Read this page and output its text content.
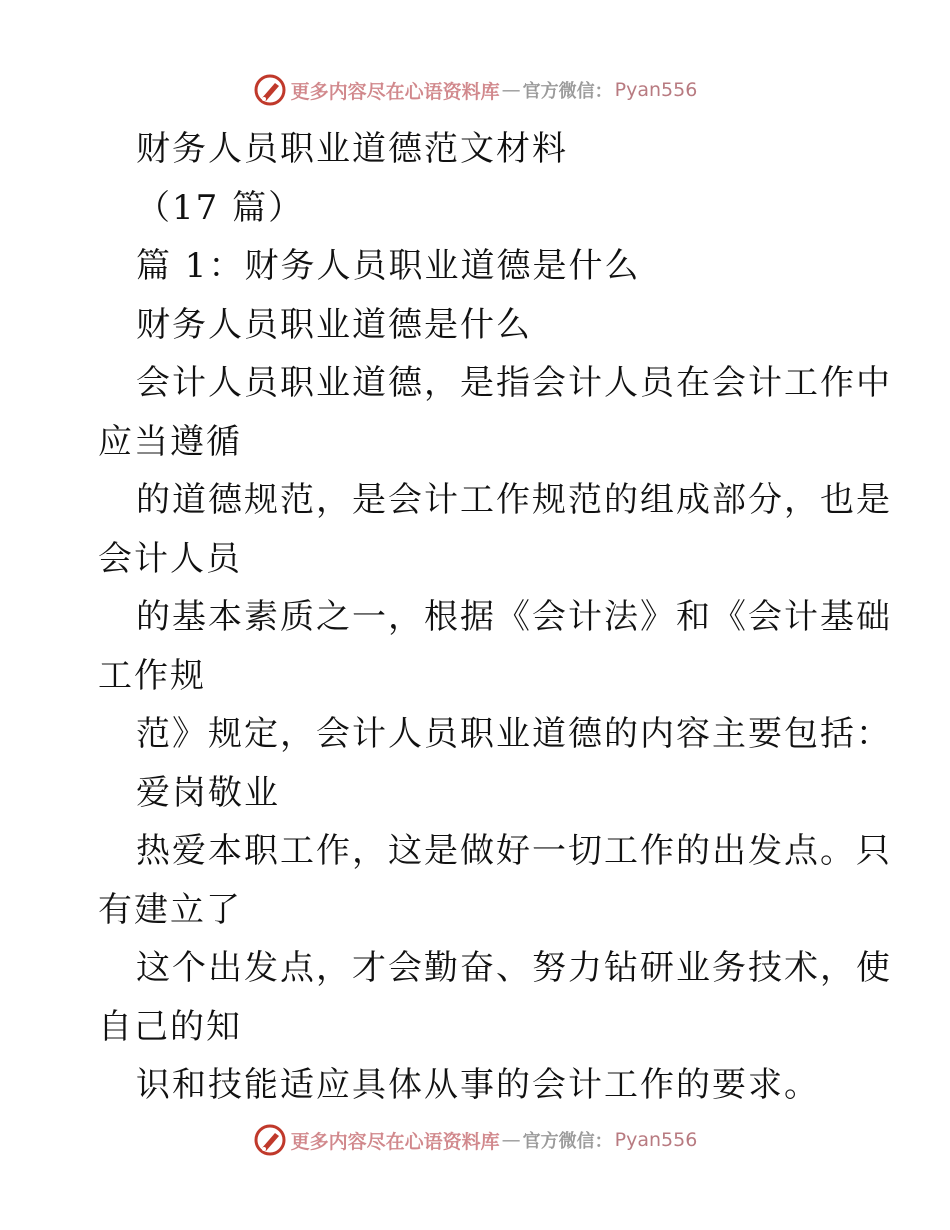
更多内容尽在心语资料库 — 官方微信： Pyan556
财务人员职业道德范文材料
（17 篇）
篇 1：财务人员职业道德是什么
财务人员职业道德是什么
会计人员职业道德，是指会计人员在会计工作中
应当遵循
的道德规范，是会计工作规范的组成部分，也是
会计人员
的基本素质之一，根据《会计法》和《会计基础
工作规
范》规定，会计人员职业道德的内容主要包括：
爱岗敬业
热爱本职工作，这是做好一切工作的出发点。只
有建立了
这个出发点，才会勤奋、努力钻研业务技术，使
自己的知
识和技能适应具体从事的会计工作的要求。
更多内容尽在心语资料库 — 官方微信： Pyan556
